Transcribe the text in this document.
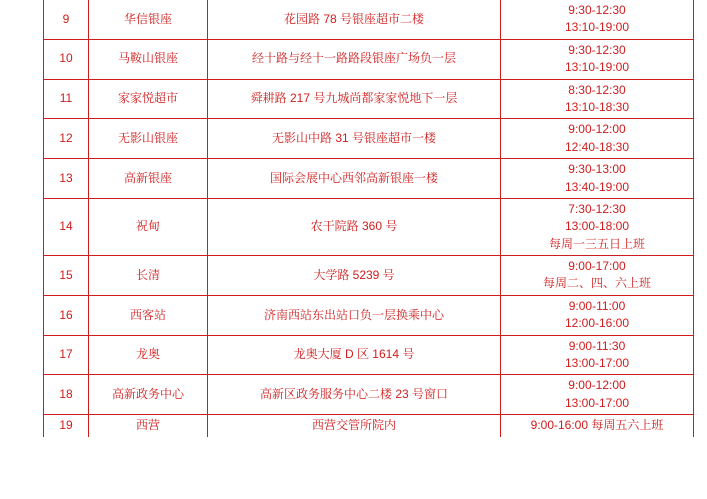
9	华信银座	花园路 78 号银座超市二楼	9:30-12:30
13:10-19:00

10	马鞍山银座	经十路与经十一路路段银座广场负一层	9:30-12:30
13:10-19:00

11	家家悦超市	舜耕路 217 号九城尚都家家悦地下一层	8:30-12:30
13:10-18:30

12	无影山银座	无影山中路 31 号银座超市一楼	9:00-12:00
12:40-18:30

13	高新银座	国际会展中心西邻高新银座一楼	9:30-13:00
13:40-19:00

14	祝甸	农干院路 360 号	7:30-12:30
13:00-18:00
每周一三五日上班

15	长清	大学路 5239 号	9:00-17:00
每周二、四、六上班

16	西客站	济南西站东出站口负一层换乘中心	9:00-11:00
12:00-16:00

17	龙奥	龙奥大厦 D 区 1614 号	9:00-11:30
13:00-17:00

18	高新政务中心	高新区政务服务中心二楼 23 号窗口	9:00-12:00
13:00-17:00

19	西营	西营交管所院内	9:00-16:00 每周五六上班
